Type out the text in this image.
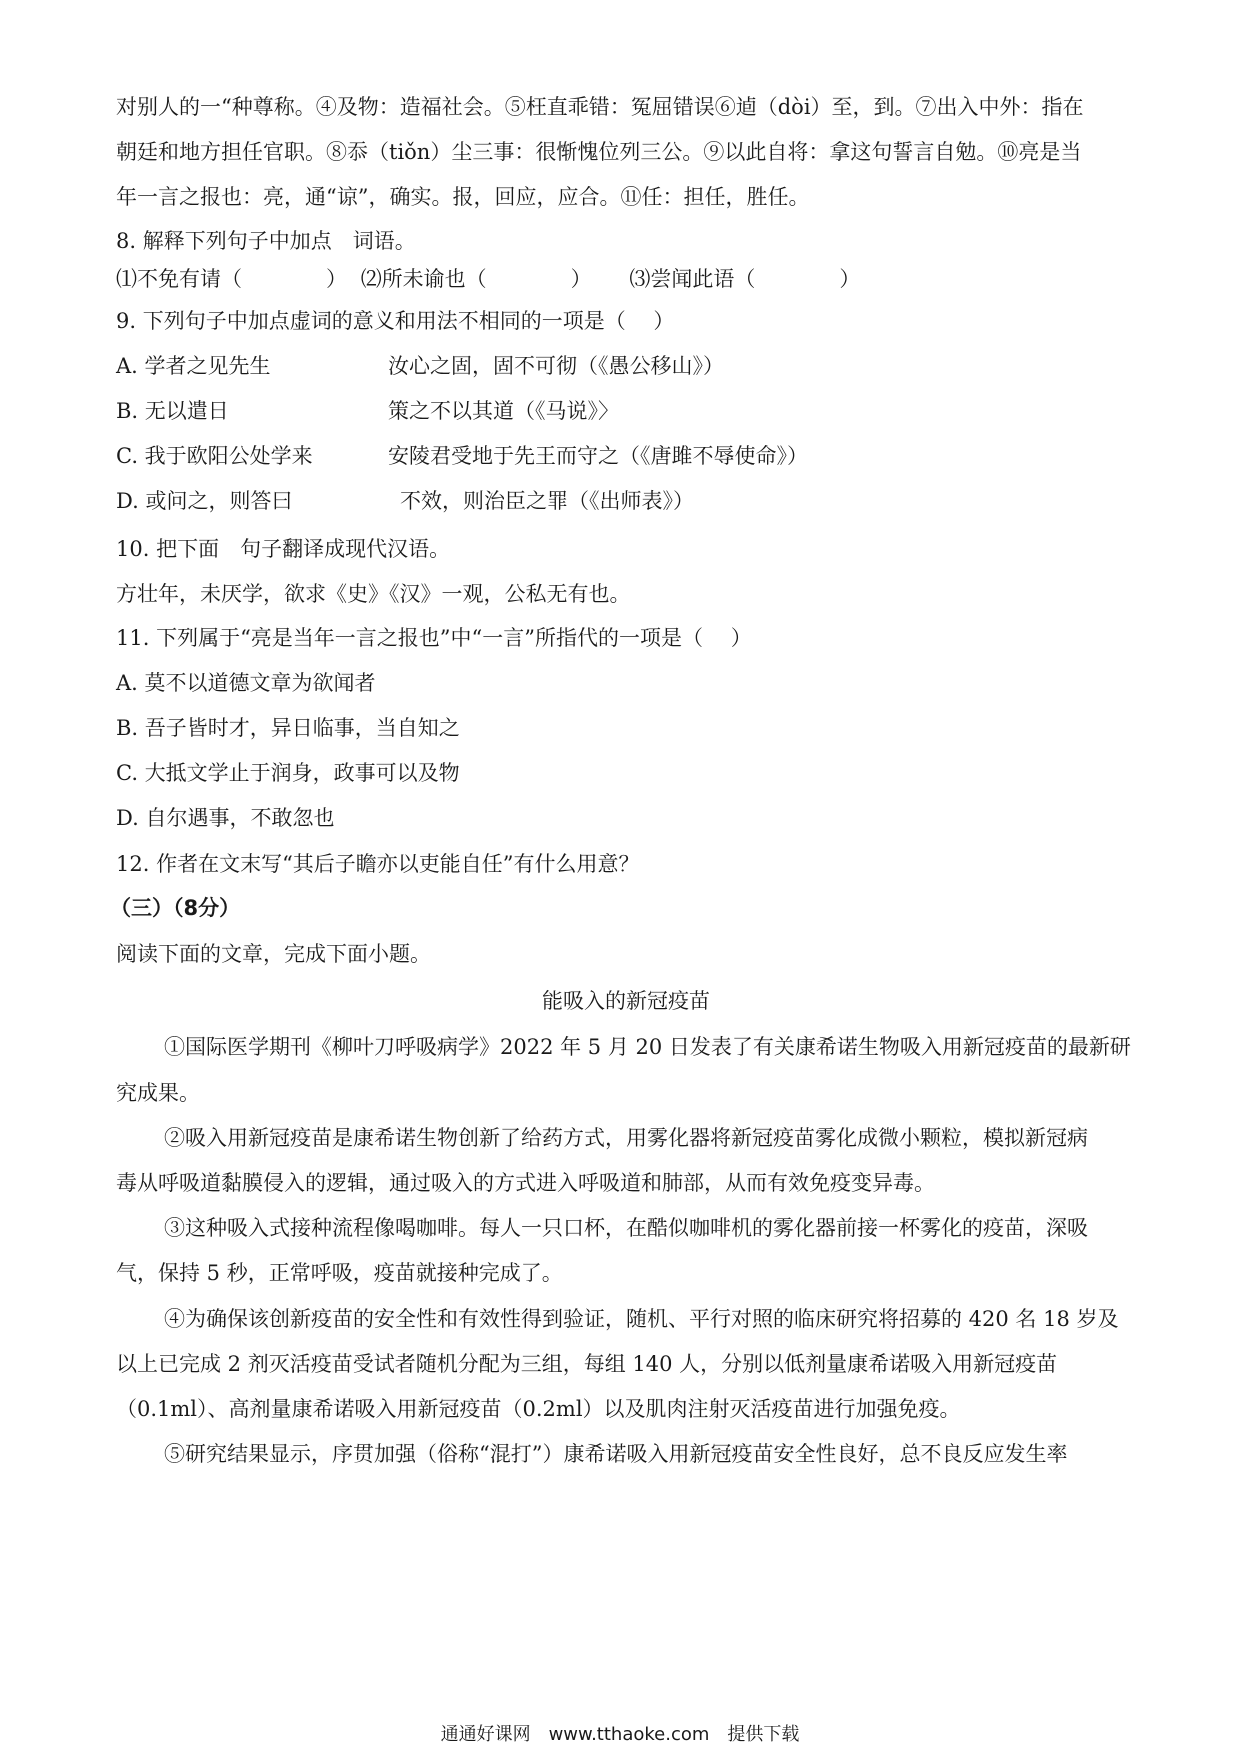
对别人的一“种尊称。④及物：造福社会。⑤枉直乖错：冤屈错误⑥逌（dòi）至，到。⑦出入中外：指在
朝廷和地方担任官职。⑧忝（tiǒn）尘三事：很惭愧位列三公。⑨以此自将：拿这句誓言自勉。⑩亮是当
年一言之报也：亮，通“谅”，确实。报，回应，应合。⑪任：担任，胜任。
8. 解释下列句子中加点　词语。
⑴不免有请（　　　　） ⑵所未谕也（　　　　） ⑶尝闻此语（　　　　）
9. 下列句子中加点虚词的意义和用法不相同的一项是（　 ）
A. 学者之见先生	汝心之固，固不可彻（《愚公移山》）
B. 无以遣日	策之不以其道（《马说》〉
C. 我于欧阳公处学来	安陵君受地于先王而守之（《唐雎不辱使命》）
D. 或问之，则答曰	不效，则治臣之罪（《出师表》）
10. 把下面　句子翻译成现代汉语。
方壮年，未厌学，欲求《史》《汉》一观，公私无有也。
11. 下列属于“亮是当年一言之报也”中“一言”所指代的一项是（　 ）
A. 莫不以道德文章为欲闻者
B. 吾子皆时才，异日临事，当自知之
C. 大抵文学止于润身，政事可以及物
D. 自尔遇事，不敢忽也
12. 作者在文末写“其后子瞻亦以吏能自任”有什么用意？
（三）（8分）
阅读下面的文章，完成下面小题。
能吸入的新冠疫苗
①国际医学期刊《柳叶刀呼吸病学》2022 年 5 月 20 日发表了有关康希诺生物吸入用新冠疫苗的最新研
究成果。
②吸入用新冠疫苗是康希诺生物创新了给药方式，用雾化器将新冠疫苗雾化成微小颗粒，模拟新冠病
毒从呼吸道黏膜侵入的逻辑，通过吸入的方式进入呼吸道和肺部，从而有效免疫变异毒。
③这种吸入式接种流程像喝咖啡。每人一只口杯，在酷似咖啡机的雾化器前接一杯雾化的疫苗，深吸
气，保持 5 秒，正常呼吸，疫苗就接种完成了。
④为确保该创新疫苗的安全性和有效性得到验证，随机、平行对照的临床研究将招募的 420 名 18 岁及
以上已完成 2 剂灭活疫苗受试者随机分配为三组，每组 140 人，分别以低剂量康希诺吸入用新冠疫苗
（0.1ml）、高剂量康希诺吸入用新冠疫苗（0.2ml）以及肌肉注射灭活疫苗进行加强免疫。
⑤研究结果显示，序贯加强（俗称“混打”）康希诺吸入用新冠疫苗安全性良好，总不良反应发生率
通通好课网　www.tthaoke.com　提供下载
